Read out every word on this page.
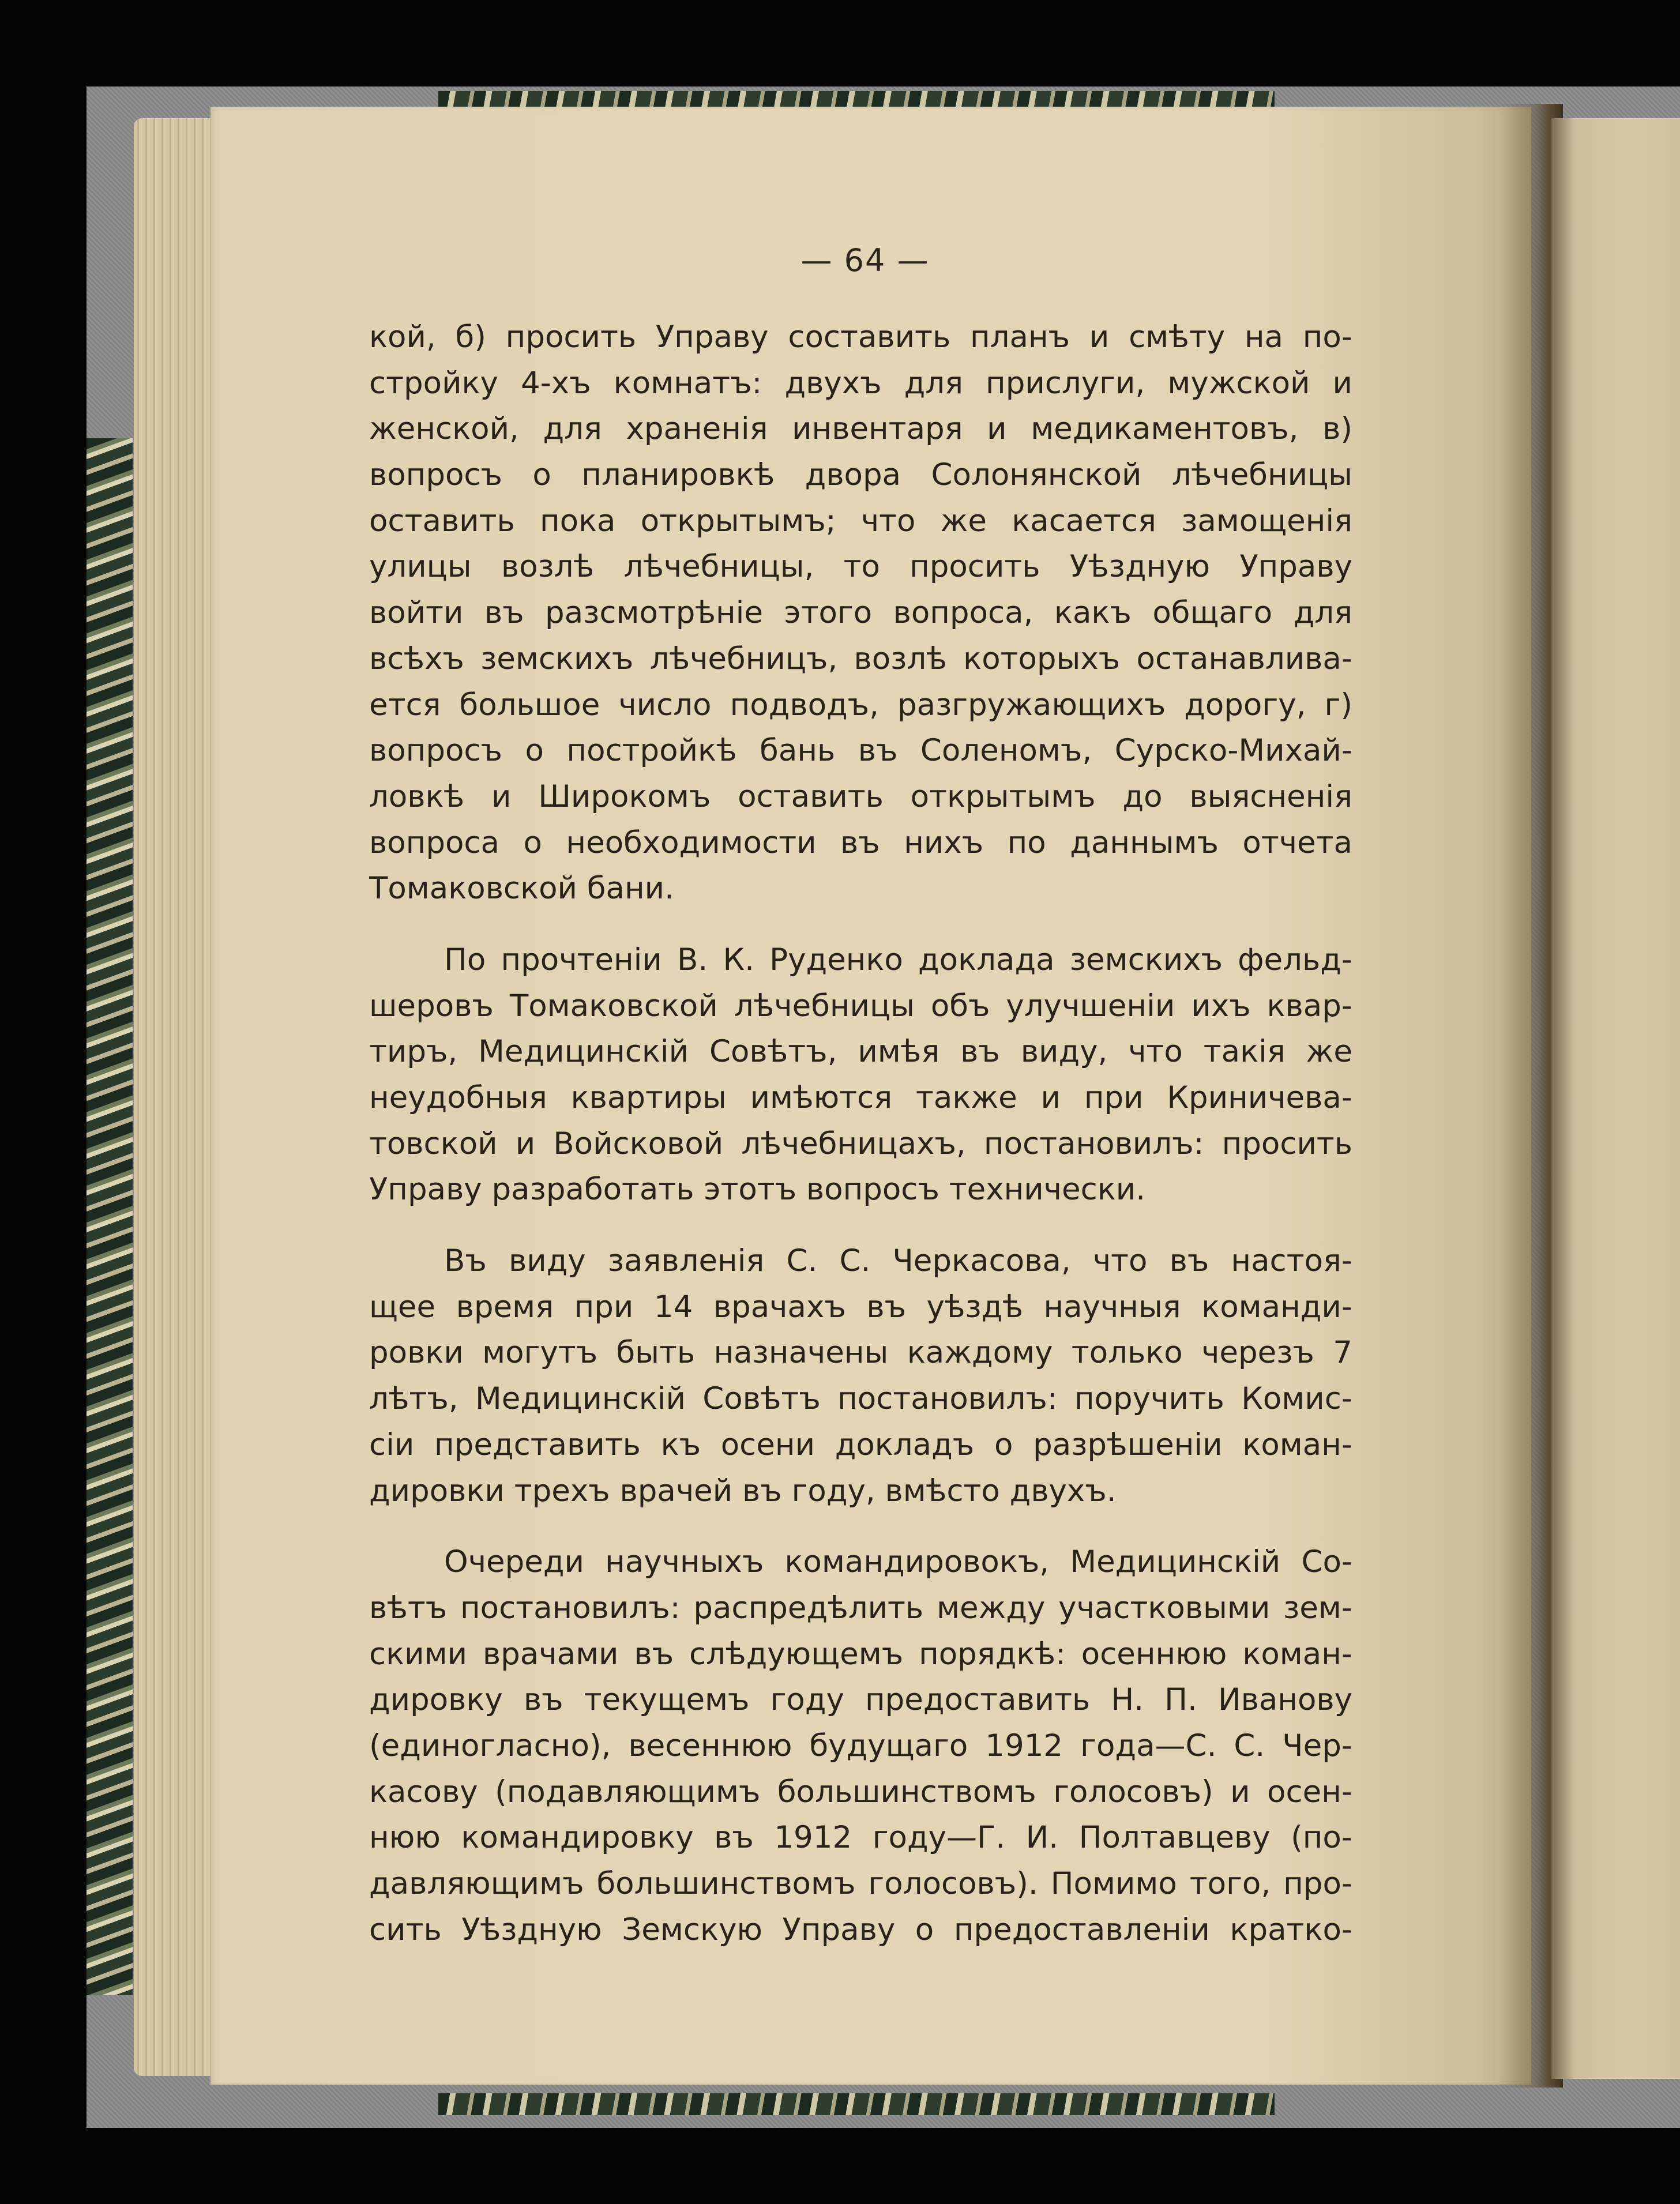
— 64 —
кой, б) просить Управу составить планъ и смѣту на по-
стройку 4-хъ комнатъ: двухъ для прислуги, мужской и
женской, для храненія инвентаря и медикаментовъ, в)
вопросъ о планировкѣ двора Солонянской лѣчебницы
оставить пока открытымъ; что же касается замощенія
улицы возлѣ лѣчебницы, то просить Уѣздную Управу
войти въ разсмотрѣніе этого вопроса, какъ общаго для
всѣхъ земскихъ лѣчебницъ, возлѣ которыхъ останавлива-
ется большое число подводъ, разгружающихъ дорогу, г)
вопросъ о постройкѣ бань въ Соленомъ, Сурско-Михай-
ловкѣ и Широкомъ оставить открытымъ до выясненія
вопроса о необходимости въ нихъ по даннымъ отчета
Томаковской бани.
По прочтеніи В. К. Руденко доклада земскихъ фельд-
шеровъ Томаковской лѣчебницы объ улучшеніи ихъ квар-
тиръ, Медицинскій Совѣтъ, имѣя въ виду, что такія же
неудобныя квартиры имѣются также и при Криничева-
товской и Войсковой лѣчебницахъ, постановилъ: просить
Управу разработать этотъ вопросъ технически.
Въ виду заявленія С. С. Черкасова, что въ настоя-
щее время при 14 врачахъ въ уѣздѣ научныя команди-
ровки могутъ быть назначены каждому только черезъ 7
лѣтъ, Медицинскій Совѣтъ постановилъ: поручить Комис-
сіи представить къ осени докладъ о разрѣшеніи коман-
дировки трехъ врачей въ году, вмѣсто двухъ.
Очереди научныхъ командировокъ, Медицинскій Со-
вѣтъ постановилъ: распредѣлить между участковыми зем-
скими врачами въ слѣдующемъ порядкѣ: осеннюю коман-
дировку въ текущемъ году предоставить Н. П. Иванову
(единогласно), весеннюю будущаго 1912 года—С. С. Чер-
касову (подавляющимъ большинствомъ голосовъ) и осен-
нюю командировку въ 1912 году—Г. И. Полтавцеву (по-
давляющимъ большинствомъ голосовъ). Помимо того, про-
сить Уѣздную Земскую Управу о предоставленіи кратко-
